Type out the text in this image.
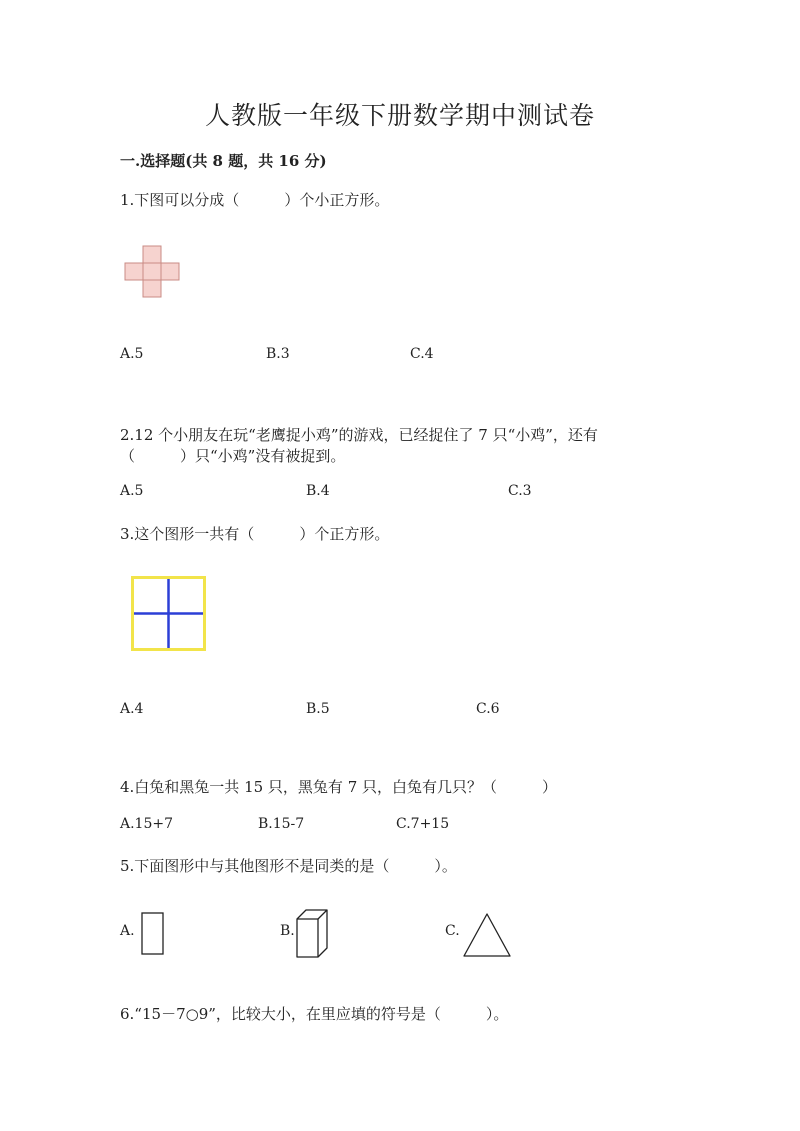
人教版一年级下册数学期中测试卷
一.选择题(共 8 题，共 16 分)
1.下图可以分成（　　　）个小正方形。
A.5	B.3	C.4
2.12 个小朋友在玩“老鹰捉小鸡”的游戏，已经捉住了 7 只“小鸡”，还有
（　　　）只“小鸡”没有被捉到。
A.5	B.4	C.3
3.这个图形一共有（　　　）个正方形。
A.4	B.5	C.6
4.白兔和黑兔一共 15 只，黑兔有 7 只，白兔有几只？（　　　）
A.15+7	B.15-7	C.7+15
5.下面图形中与其他图形不是同类的是（　　　）。
A.	B.	C.
6.“15－7○9”，比较大小，在里应填的符号是（　　　）。
